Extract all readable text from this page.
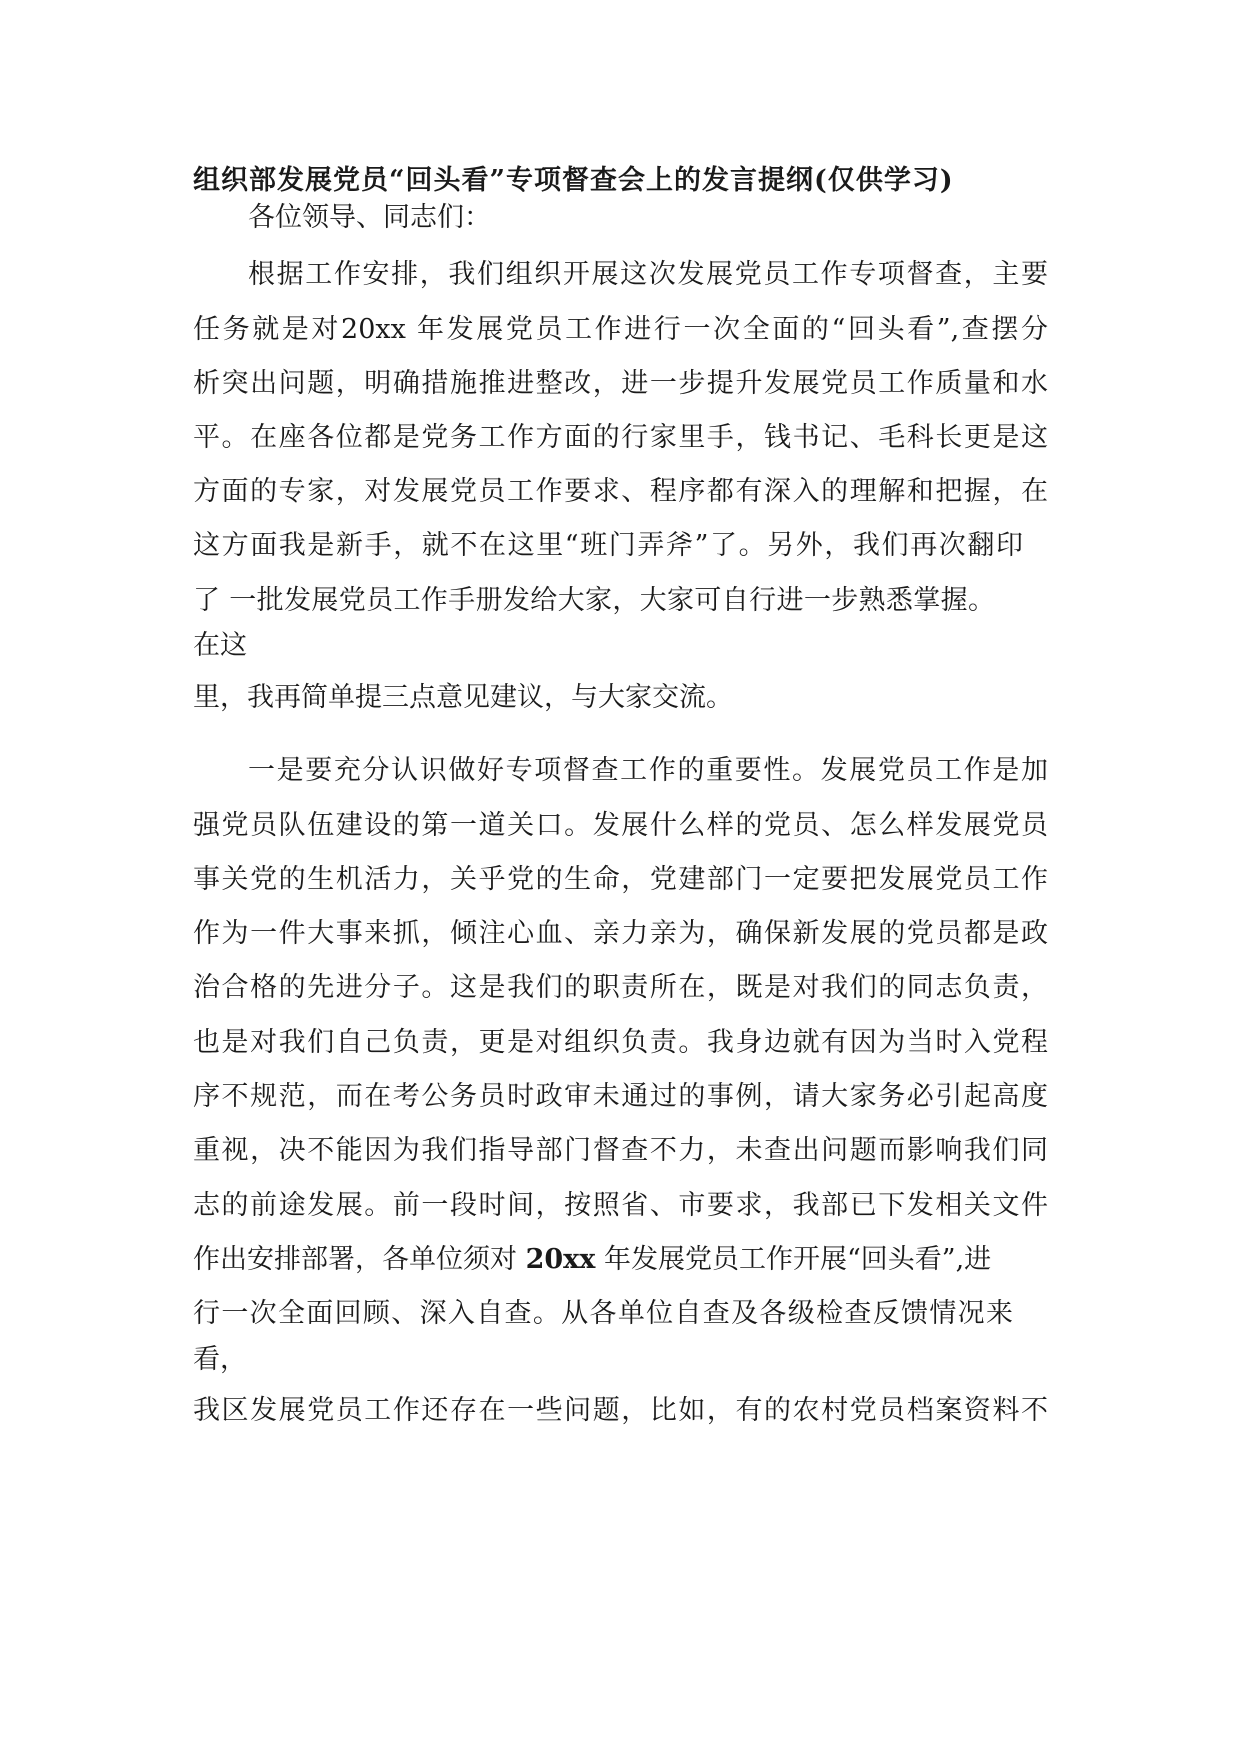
组织部发展党员“回头看”专项督查会上的发言提纲(仅供学习)
各位领导、同志们：
根据工作安排，我们组织开展这次发展党员工作专项督查，主要
任务就是对20xx 年发展党员工作进行一次全面的“回头看”,查摆分
析突出问题，明确措施推进整改，进一步提升发展党员工作质量和水
平。在座各位都是党务工作方面的行家里手，钱书记、毛科长更是这
方面的专家，对发展党员工作要求、程序都有深入的理解和把握，在
这方面我是新手，就不在这里“班门弄斧”了。另外，我们再次翻印
了 一批发展党员工作手册发给大家，大家可自行进一步熟悉掌握。
在这
里，我再简单提三点意见建议，与大家交流。
一是要充分认识做好专项督查工作的重要性。发展党员工作是加
强党员队伍建设的第一道关口。发展什么样的党员、怎么样发展党员
事关党的生机活力，关乎党的生命，党建部门一定要把发展党员工作
作为一件大事来抓，倾注心血、亲力亲为，确保新发展的党员都是政
治合格的先进分子。这是我们的职责所在，既是对我们的同志负责，
也是对我们自己负责，更是对组织负责。我身边就有因为当时入党程
序不规范，而在考公务员时政审未通过的事例，请大家务必引起高度
重视，决不能因为我们指导部门督查不力，未查出问题而影响我们同
志的前途发展。前一段时间，按照省、市要求，我部已下发相关文件
作出安排部署，各单位须对 20xx 年发展党员工作开展“回头看”,进
行一次全面回顾、深入自查。从各单位自查及各级检查反馈情况来
看，
我区发展党员工作还存在一些问题，比如，有的农村党员档案资料不
